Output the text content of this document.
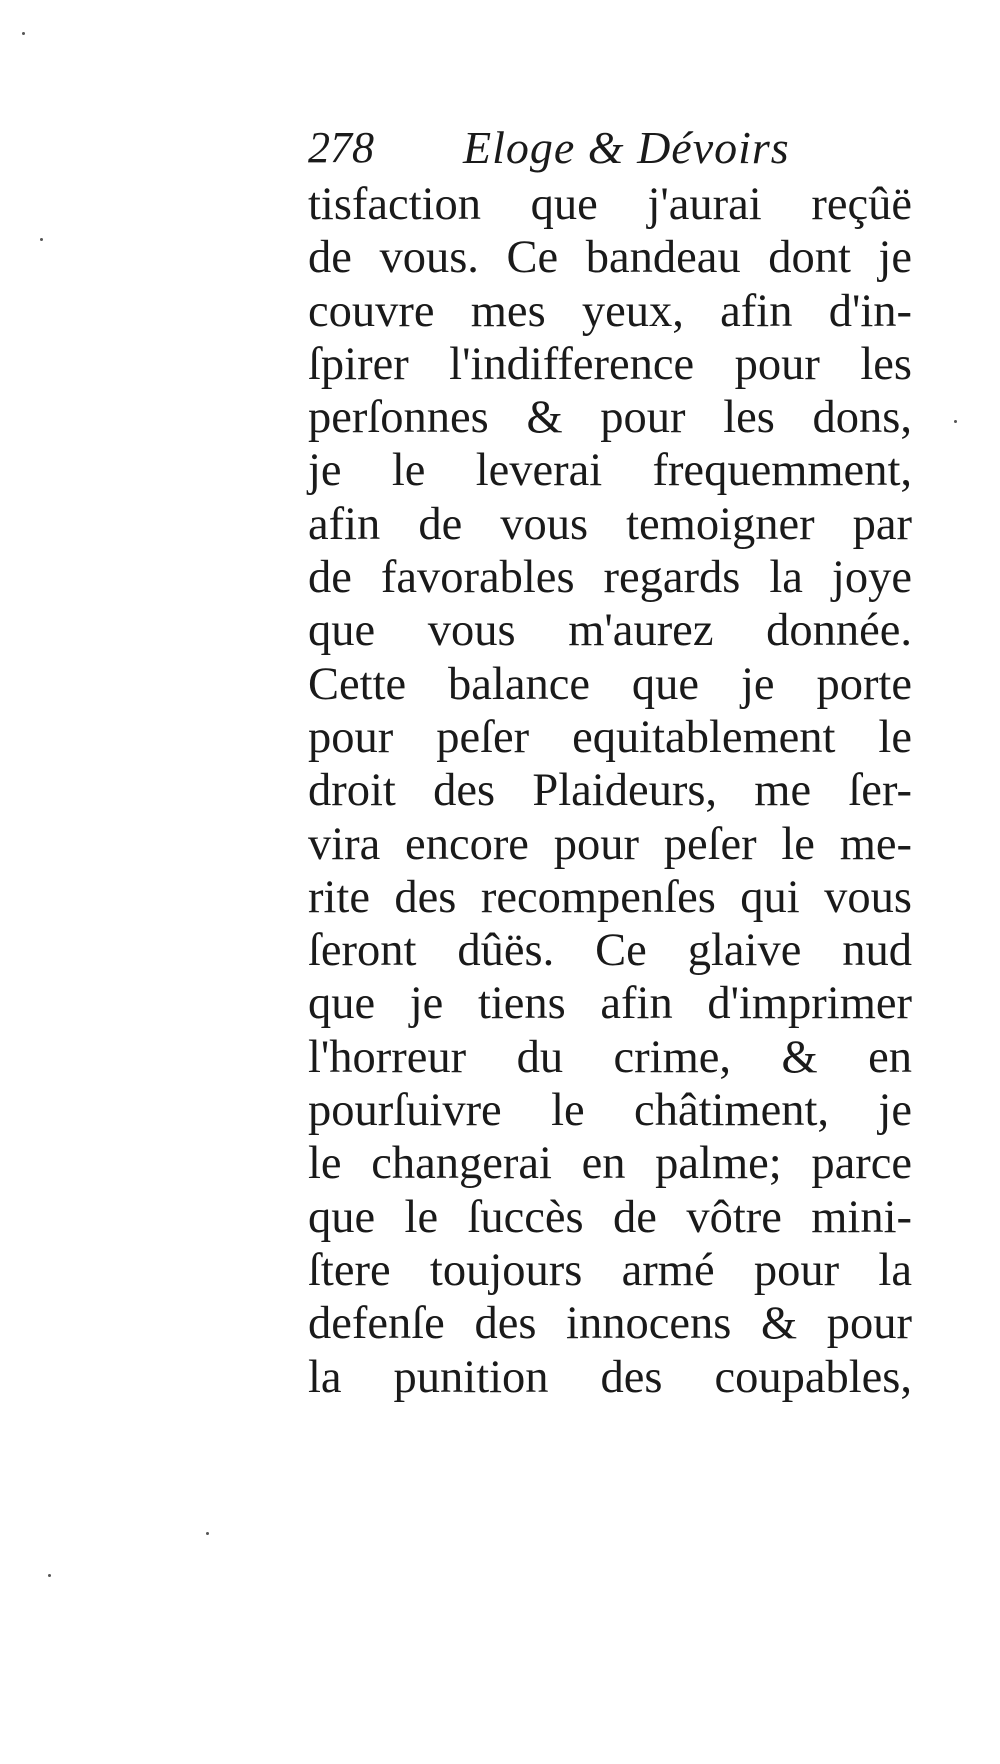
278 Eloge & Dévoirs
tisfaction que j'aurai reçûë
de vous. Ce bandeau dont je
couvre mes yeux, afin d'in-
ſpirer l'indifference pour les
perſonnes & pour les dons,
je le leverai frequemment,
afin de vous temoigner par
de favorables regards la joye
que vous m'aurez donnée.
Cette balance que je porte
pour peſer equitablement le
droit des Plaideurs, me ſer-
vira encore pour peſer le me-
rite des recompenſes qui vous
ſeront dûës. Ce glaive nud
que je tiens afin d'imprimer
l'horreur du crime, & en
pourſuivre le châtiment, je
le changerai en palme; parce
que le ſuccès de vôtre mini-
ſtere toujours armé pour la
defenſe des innocens & pour
la punition des coupables,
